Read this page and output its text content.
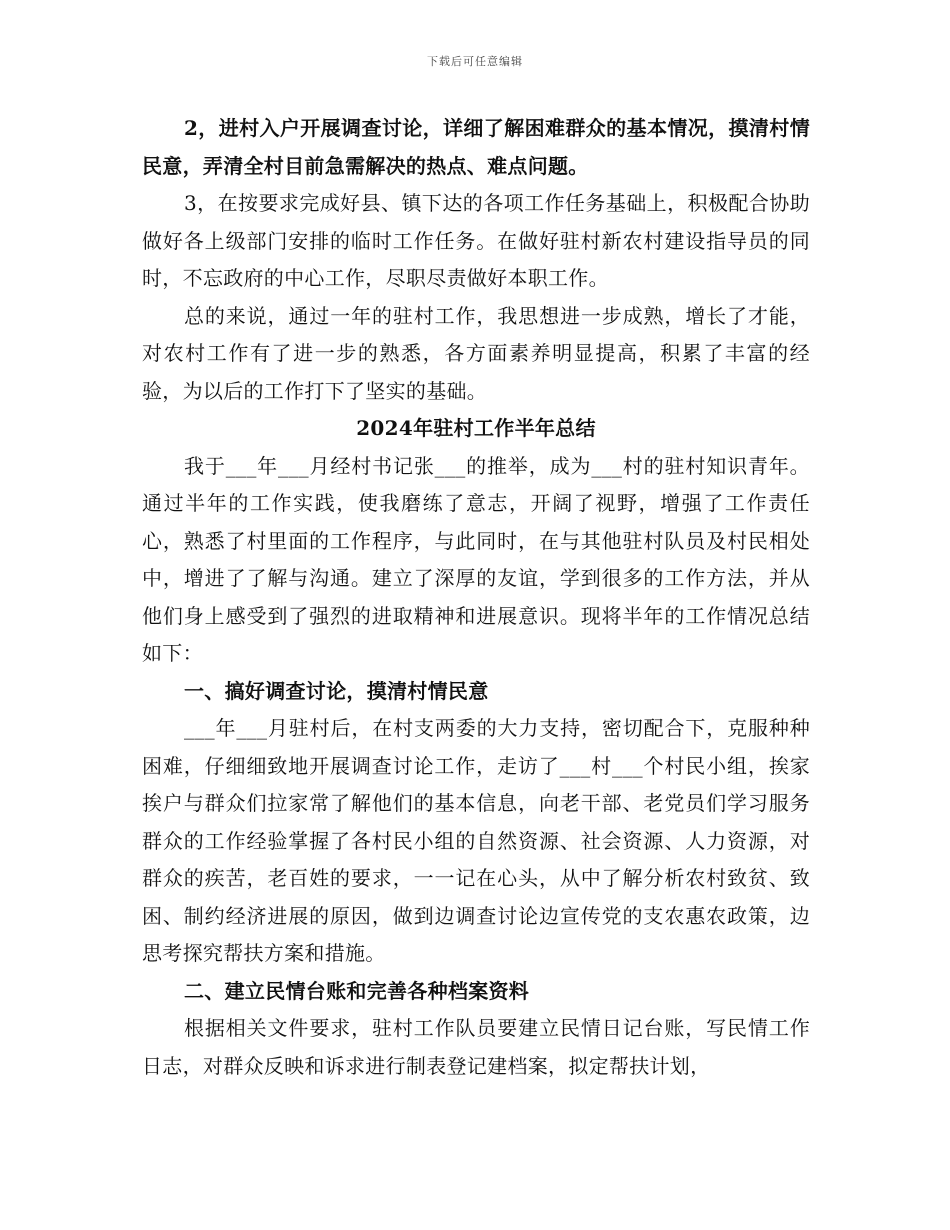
下载后可任意编辑

2，进村入户开展调查讨论，详细了解困难群众的基本情况，摸清村情民意，弄清全村目前急需解决的热点、难点问题。

3，在按要求完成好县、镇下达的各项工作任务基础上，积极配合协助做好各上级部门安排的临时工作任务。在做好驻村新农村建设指导员的同时，不忘政府的中心工作，尽职尽责做好本职工作。

总的来说，通过一年的驻村工作，我思想进一步成熟，增长了才能，对农村工作有了进一步的熟悉，各方面素养明显提高，积累了丰富的经验，为以后的工作打下了坚实的基础。

2024年驻村工作半年总结

我于___年___月经村书记张___的推举，成为___村的驻村知识青年。通过半年的工作实践，使我磨练了意志，开阔了视野，增强了工作责任心，熟悉了村里面的工作程序，与此同时，在与其他驻村队员及村民相处中，增进了了解与沟通。建立了深厚的友谊，学到很多的工作方法，并从他们身上感受到了强烈的进取精神和进展意识。现将半年的工作情况总结如下：

一、搞好调查讨论，摸清村情民意

___年___月驻村后，在村支两委的大力支持，密切配合下，克服种种困难，仔细细致地开展调查讨论工作，走访了___村___个村民小组，挨家挨户与群众们拉家常了解他们的基本信息，向老干部、老党员们学习服务群众的工作经验掌握了各村民小组的自然资源、社会资源、人力资源，对群众的疾苦，老百姓的要求，一一记在心头，从中了解分析农村致贫、致困、制约经济进展的原因，做到边调查讨论边宣传党的支农惠农政策，边思考探究帮扶方案和措施。

二、建立民情台账和完善各种档案资料

根据相关文件要求，驻村工作队员要建立民情日记台账，写民情工作日志，对群众反映和诉求进行制表登记建档案，拟定帮扶计划，
